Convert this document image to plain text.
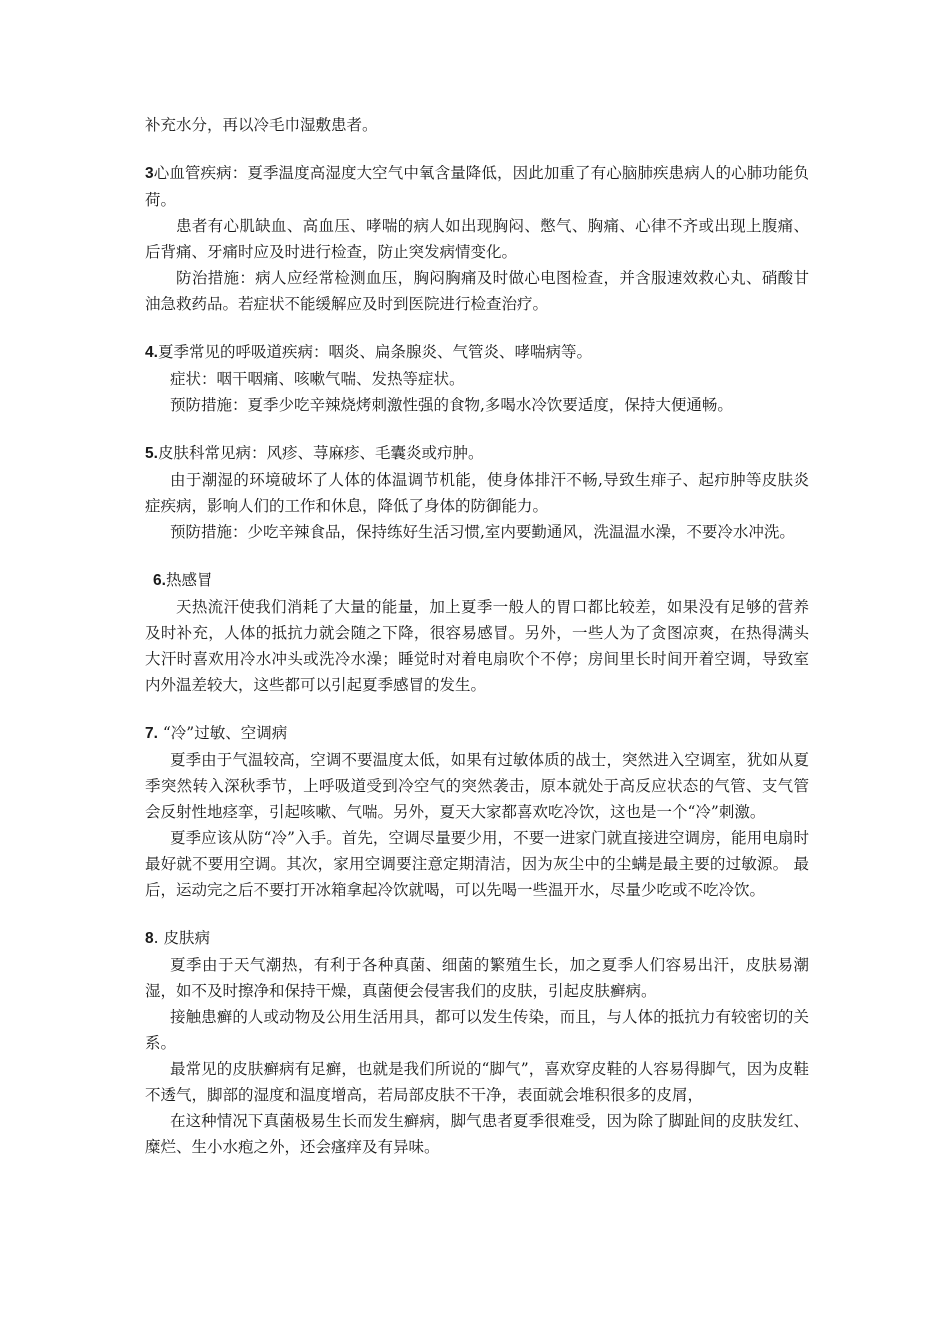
补充水分，再以冷毛巾湿敷患者。

3心血管疾病：夏季温度高湿度大空气中氧含量降低，因此加重了有心脑肺疾患病人的心肺功能负荷。

患者有心肌缺血、高血压、哮喘的病人如出现胸闷、憋气、胸痛、心律不齐或出现上腹痛、后背痛、牙痛时应及时进行检查，防止突发病情变化。

防治措施：病人应经常检测血压，胸闷胸痛及时做心电图检查，并含服速效救心丸、硝酸甘油急救药品。若症状不能缓解应及时到医院进行检查治疗。

4.夏季常见的呼吸道疾病：咽炎、扁条腺炎、气管炎、哮喘病等。

症状：咽干咽痛、咳嗽气喘、发热等症状。

预防措施：夏季少吃辛辣烧烤刺激性强的食物,多喝水冷饮要适度，保持大便通畅。

5.皮肤科常见病：风疹、荨麻疹、毛囊炎或疖肿。

由于潮湿的环境破坏了人体的体温调节机能，使身体排汗不畅,导致生痱子、起疖肿等皮肤炎症疾病，影响人们的工作和休息，降低了身体的防御能力。

预防措施：少吃辛辣食品，保持练好生活习惯,室内要勤通风，洗温温水澡，不要冷水冲洗。

6.热感冒

天热流汗使我们消耗了大量的能量，加上夏季一般人的胃口都比较差，如果没有足够的营养及时补充，人体的抵抗力就会随之下降，很容易感冒。另外，一些人为了贪图凉爽，在热得满头大汗时喜欢用冷水冲头或洗冷水澡；睡觉时对着电扇吹个不停；房间里长时间开着空调，导致室内外温差较大，这些都可以引起夏季感冒的发生。

7. “冷”过敏、空调病

夏季由于气温较高，空调不要温度太低，如果有过敏体质的战士，突然进入空调室，犹如从夏季突然转入深秋季节，上呼吸道受到冷空气的突然袭击，原本就处于高反应状态的气管、支气管会反射性地痉挛，引起咳嗽、气喘。另外，夏天大家都喜欢吃冷饮，这也是一个“冷”刺激。

夏季应该从防“冷”入手。首先，空调尽量要少用，不要一进家门就直接进空调房，能用电扇时最好就不要用空调。其次，家用空调要注意定期清洁，因为灰尘中的尘螨是最主要的过敏源。 最后，运动完之后不要打开冰箱拿起冷饮就喝，可以先喝一些温开水，尽量少吃或不吃冷饮。

8. 皮肤病

夏季由于天气潮热，有利于各种真菌、细菌的繁殖生长，加之夏季人们容易出汗，皮肤易潮湿，如不及时擦净和保持干燥，真菌便会侵害我们的皮肤，引起皮肤癣病。

接触患癣的人或动物及公用生活用具，都可以发生传染，而且，与人体的抵抗力有较密切的关系。

最常见的皮肤癣病有足癣，也就是我们所说的“脚气”，喜欢穿皮鞋的人容易得脚气，因为皮鞋不透气，脚部的湿度和温度增高，若局部皮肤不干净，表面就会堆积很多的皮屑，

在这种情况下真菌极易生长而发生癣病，脚气患者夏季很难受，因为除了脚趾间的皮肤发红、糜烂、生小水疱之外，还会瘙痒及有异味。
